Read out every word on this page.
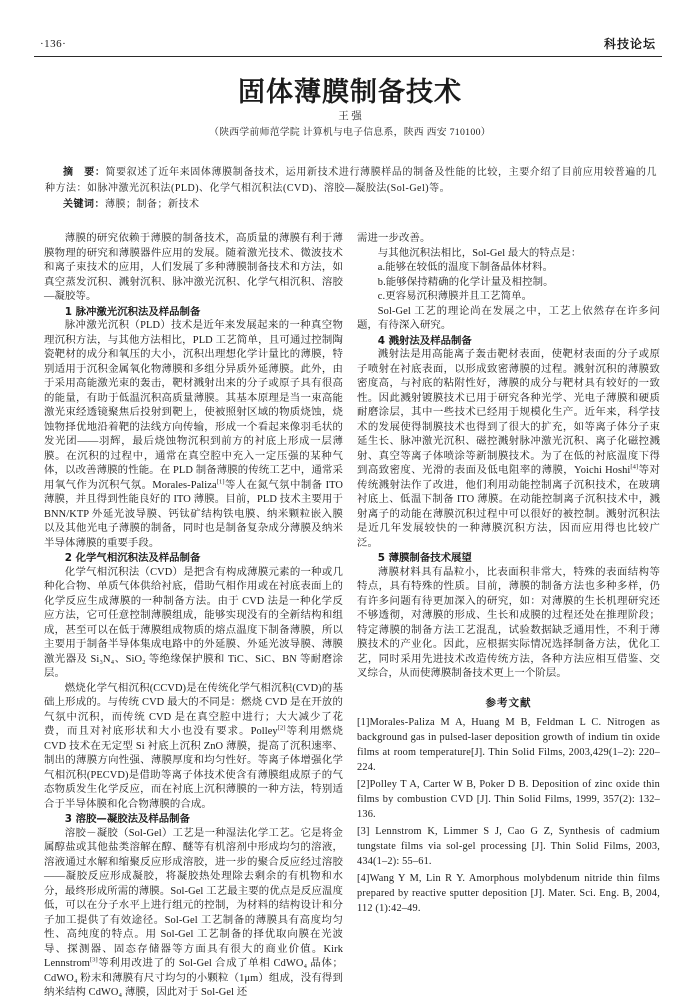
·136·	科技论坛
固体薄膜制备技术
王 强
（陕西学前师范学院 计算机与电子信息系，陕西 西安 710100）

摘　要：简要叙述了近年来固体薄膜制备技术，运用新技术进行薄膜样品的制备及性能的比较，主要介绍了目前应用较普遍的几种方法：如脉冲激光沉积法(PLD)、化学气相沉积法(CVD)、溶胶—凝胶法(Sol-Gel)等。

关键词：薄膜；制备；新技术

薄膜的研究依赖于薄膜的制备技术，高质量的薄膜有利于薄膜物理的研究和薄膜器件应用的发展。随着激光技术、微波技术和离子束技术的应用，人们发展了多种薄膜制备技术和方法，如真空蒸发沉积、溅射沉积、脉冲激光沉积、化学气相沉积、溶胶—凝胶等。

1 脉冲激光沉积法及样品制备

脉冲激光沉积（PLD）技术是近年来发展起来的一种真空物理沉积方法，与其他方法相比，PLD 工艺简单，且可通过控制陶瓷靶材的成分和氧压的大小，沉积出理想化学计量比的薄膜，特别适用于沉积金属氧化物薄膜和多组分异质外延薄膜。此外，由于采用高能激光束的轰击，靶材溅射出来的分子或原子具有很高的能量，有助于低温沉积高质量薄膜。其基本原理是当一束高能激光束经透镜聚焦后投射到靶上，使被照射区域的物质烧蚀，烧蚀物择优地沿着靶的法线方向传输，形成一个看起来像羽毛状的发光团——羽辉，最后烧蚀物沉积到前方的衬底上形成一层薄膜。在沉积的过程中，通常在真空腔中充入一定压强的某种气体，以改善薄膜的性能。在 PLD 制备薄膜的传统工艺中，通常采用氧气作为沉积气氛。Morales-Paliza[1]等人在氮气氛中制备 ITO 薄膜，并且得到性能良好的 ITO 薄膜。目前，PLD 技术主要用于 BNN/KTP 外延光波导膜、钙钛矿结构铁电膜、纳米颗粒嵌入膜以及其他光电子薄膜的制备，同时也是制备复杂成分薄膜及纳米半导体薄膜的重要手段。

2 化学气相沉积法及样品制备

化学气相沉积法（CVD）是把含有构成薄膜元素的一种或几种化合物、单质气体供给衬底，借助气相作用或在衬底表面上的化学反应生成薄膜的一种制备方法。由于 CVD 法是一种化学反应方法，它可任意控制薄膜组成，能够实现没有的全新结构和组成，甚至可以在低于薄膜组成物质的熔点温度下制备薄膜，所以主要用于制备半导体集成电路中的外延膜、外延光波导膜、薄膜激光器及 Si₃N₄、SiO₂ 等绝缘保护膜和 TiC、SiC、BN 等耐磨涂层。

燃烧化学气相沉积(CCVD)是在传统化学气相沉积(CVD)的基础上形成的。与传统 CVD 最大的不同是：燃烧 CVD 是在开放的气氛中沉积，而传统 CVD 是在真空腔中进行；大大减少了花费，而且对衬底形状和大小也没有要求。Polley[2]等利用燃烧 CVD 技术在无定型 Si 衬底上沉积 ZnO 薄膜，提高了沉积速率、制出的薄膜方向性强、薄膜厚度和均匀性好。等离子体增强化学气相沉积(PECVD)是借助等离子体技术使含有薄膜组成原子的气态物质发生化学反应，而在衬底上沉积薄膜的一种方法，特别适合于半导体膜和化合物薄膜的合成。

3 溶胶—凝胶法及样品制备

溶胶－凝胶（Sol-Gel）工艺是一种湿法化学工艺。它是将金属醇盐或其他盐类溶解在醇、醚等有机溶剂中形成均匀的溶液，溶液通过水解和缩聚反应形成溶胶，进一步的聚合反应经过溶胶——凝胶反应形成凝胶，将凝胶热处理除去剩余的有机物和水分，最终形成所需的薄膜。Sol-Gel 工艺最主要的优点是反应温度低，可以在分子水平上进行组元的控制，为材料的结构设计和分子加工提供了有效途径。Sol-Gel 工艺制备的薄膜具有高度均匀性、高纯度的特点。用 Sol-Gel 工艺制备的择优取向膜在光波导、探测器、固态存储器等方面具有很大的商业价值。Kirk Lennstrom[3]等利用改进了的 Sol-Gel 合成了单相 CdWO₄ 晶体；CdWO₄ 粉末和薄膜有尺寸均匀的小颗粒（1μm）组成，没有得到纳米结构 CdWO₄ 薄膜，因此对于 Sol-Gel 还

需进一步改善。

与其他沉积法相比，Sol-Gel 最大的特点是：

a.能够在较低的温度下制备晶体材料。

b.能够保持精确的化学计量及相控制。

c.更容易沉积薄膜并且工艺简单。

Sol-Gel 工艺的理论尚在发展之中，工艺上依然存在许多问题，有待深入研究。

4 溅射法及样品制备

溅射法是用高能离子轰击靶材表面，使靶材表面的分子或原子喷射在衬底表面，以形成致密薄膜的过程。溅射沉积的薄膜致密度高，与衬底的粘附性好，薄膜的成分与靶材具有较好的一致性。因此溅射镀膜技术已用于研究各种光学、光电子薄膜和硬质耐磨涂层，其中一些技术已经用于规模化生产。近年来，科学技术的发展使得制膜技术也得到了很大的扩充，如等离子体分子束延生长、脉冲激光沉积、磁控溅射脉冲激光沉积、离子化磁控溅射、真空等离子体喷涂等新制膜技术。为了在低的衬底温度下得到高致密度、光滑的表面及低电阻率的薄膜，Yoichi Hoshi[4]等对传统溅射法作了改进，他们利用动能控制离子沉积技术，在玻璃衬底上、低温下制备 ITO 薄膜。在动能控制离子沉积技术中，溅射离子的动能在薄膜沉积过程中可以很好的被控制。溅射沉积法是近几年发展较快的一种薄膜沉积方法，因而应用得也比较广泛。

5 薄膜制备技术展望

薄膜材料具有晶粒小，比表面积非常大，特殊的表面结构等特点，具有特殊的性质。目前，薄膜的制备方法也多种多样，仍有许多问题有待更加深入的研究，如：对薄膜的生长机理研究还不够透彻，对薄膜的形成、生长和成膜的过程还处在推理阶段；特定薄膜的制备方法工艺混乱，试验数据缺乏通用性，不利于薄膜技术的产业化。因此，应根据实际情况选择制备方法，优化工艺，同时采用先进技术改造传统方法，各种方法应相互借鉴、交叉综合，从而使薄膜制备技术更上一个阶层。

参考文献
[1]Morales-Paliza M A, Huang M B, Feldman L C. Nitrogen as background gas in pulsed-laser deposition growth of indium tin oxide films at room temperature[J]. Thin Solid Films, 2003,429(1–2): 220–224.
[2]Polley T A, Carter W B, Poker D B. Deposition of zinc oxide thin films by combustion CVD [J]. Thin Solid Films, 1999, 357(2): 132–136.
[3] Lennstrom K, Limmer S J, Cao G Z, Synthesis of cadmium tungstate films via sol-gel processing [J]. Thin Solid Films, 2003, 434(1–2): 55–61.
[4]Wang Y M, Lin R Y. Amorphous molybdenum nitride thin films prepared by reactive sputter deposition [J]. Mater. Sci. Eng. B, 2004, 112 (1):42–49.
